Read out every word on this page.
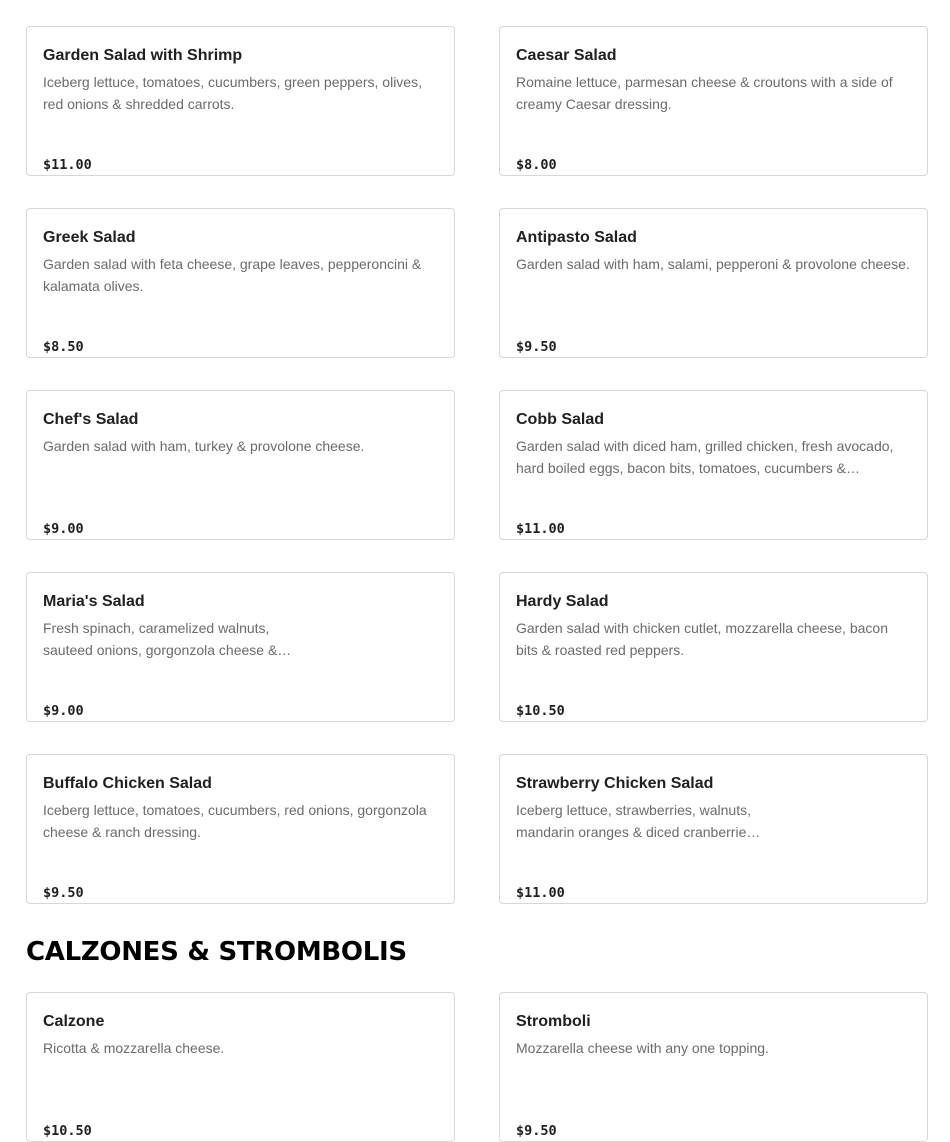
Garden Salad with Shrimp
Iceberg lettuce, tomatoes, cucumbers, green peppers, olives, red onions & shredded carrots.
$11.00
Caesar Salad
Romaine lettuce, parmesan cheese & croutons with a side of creamy Caesar dressing.
$8.00
Greek Salad
Garden salad with feta cheese, grape leaves, pepperoncini & kalamata olives.
$8.50
Antipasto Salad
Garden salad with ham, salami, pepperoni & provolone cheese.
$9.50
Chef's Salad
Garden salad with ham, turkey & provolone cheese.
$9.00
Cobb Salad
Garden salad with diced ham, grilled chicken, fresh avocado, hard boiled eggs, bacon bits, tomatoes, cucumbers &…
$11.00
Maria's Salad
Fresh spinach, caramelized walnuts, sauteed onions, gorgonzola cheese &…
$9.00
Hardy Salad
Garden salad with chicken cutlet, mozzarella cheese, bacon bits & roasted red peppers.
$10.50
Buffalo Chicken Salad
Iceberg lettuce, tomatoes, cucumbers, red onions, gorgonzola cheese & ranch dressing.
$9.50
Strawberry Chicken Salad
Iceberg lettuce, strawberries, walnuts, mandarin oranges & diced cranberrie…
$11.00
CALZONES & STROMBOLIS
Calzone
Ricotta & mozzarella cheese.
$10.50
Stromboli
Mozzarella cheese with any one topping.
$9.50
